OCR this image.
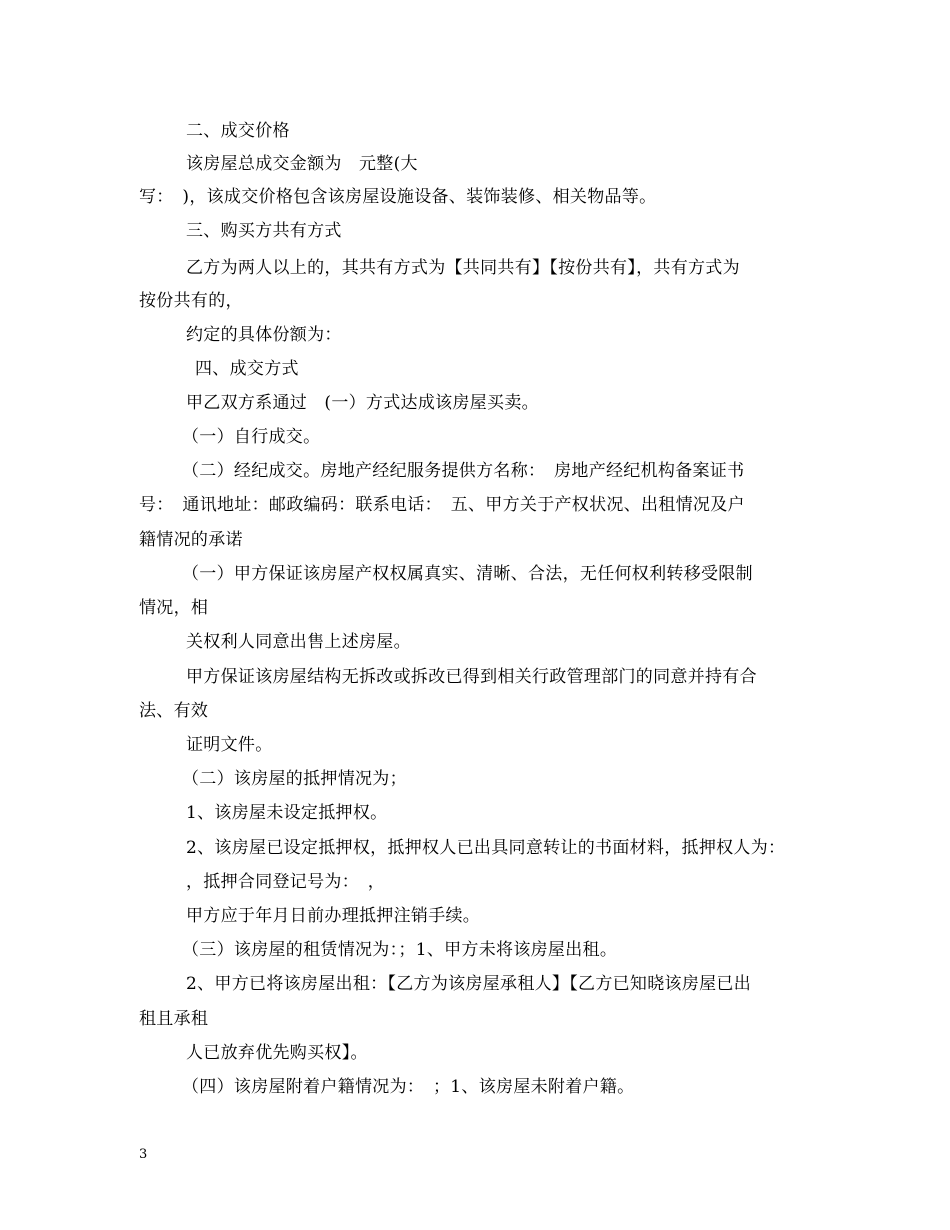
二、成交价格
该房屋总成交金额为　元整(大
写：　)，该成交价格包含该房屋设施设备、装饰装修、相关物品等。
三、购买方共有方式
乙方为两人以上的，其共有方式为【共同共有】【按份共有】，共有方式为
按份共有的，
约定的具体份额为：
四、成交方式
甲乙双方系通过　(一）方式达成该房屋买卖。
（一）自行成交。
（二）经纪成交。房地产经纪服务提供方名称：　房地产经纪机构备案证书
号：　通讯地址：邮政编码：联系电话：　五、甲方关于产权状况、出租情况及户
籍情况的承诺
（一）甲方保证该房屋产权权属真实、清晰、合法，无任何权利转移受限制
情况，相
关权利人同意出售上述房屋。
甲方保证该房屋结构无拆改或拆改已得到相关行政管理部门的同意并持有合
法、有效
证明文件。
（二）该房屋的抵押情况为；
1、该房屋未设定抵押权。
2、该房屋已设定抵押权，抵押权人已出具同意转让的书面材料，抵押权人为：
，抵押合同登记号为：　，
甲方应于年月日前办理抵押注销手续。
（三）该房屋的租赁情况为：；1、甲方未将该房屋出租。
2、甲方已将该房屋出租：【乙方为该房屋承租人】【乙方已知晓该房屋已出
租且承租
人已放弃优先购买权】。
（四）该房屋附着户籍情况为：　；1、该房屋未附着户籍。
3
